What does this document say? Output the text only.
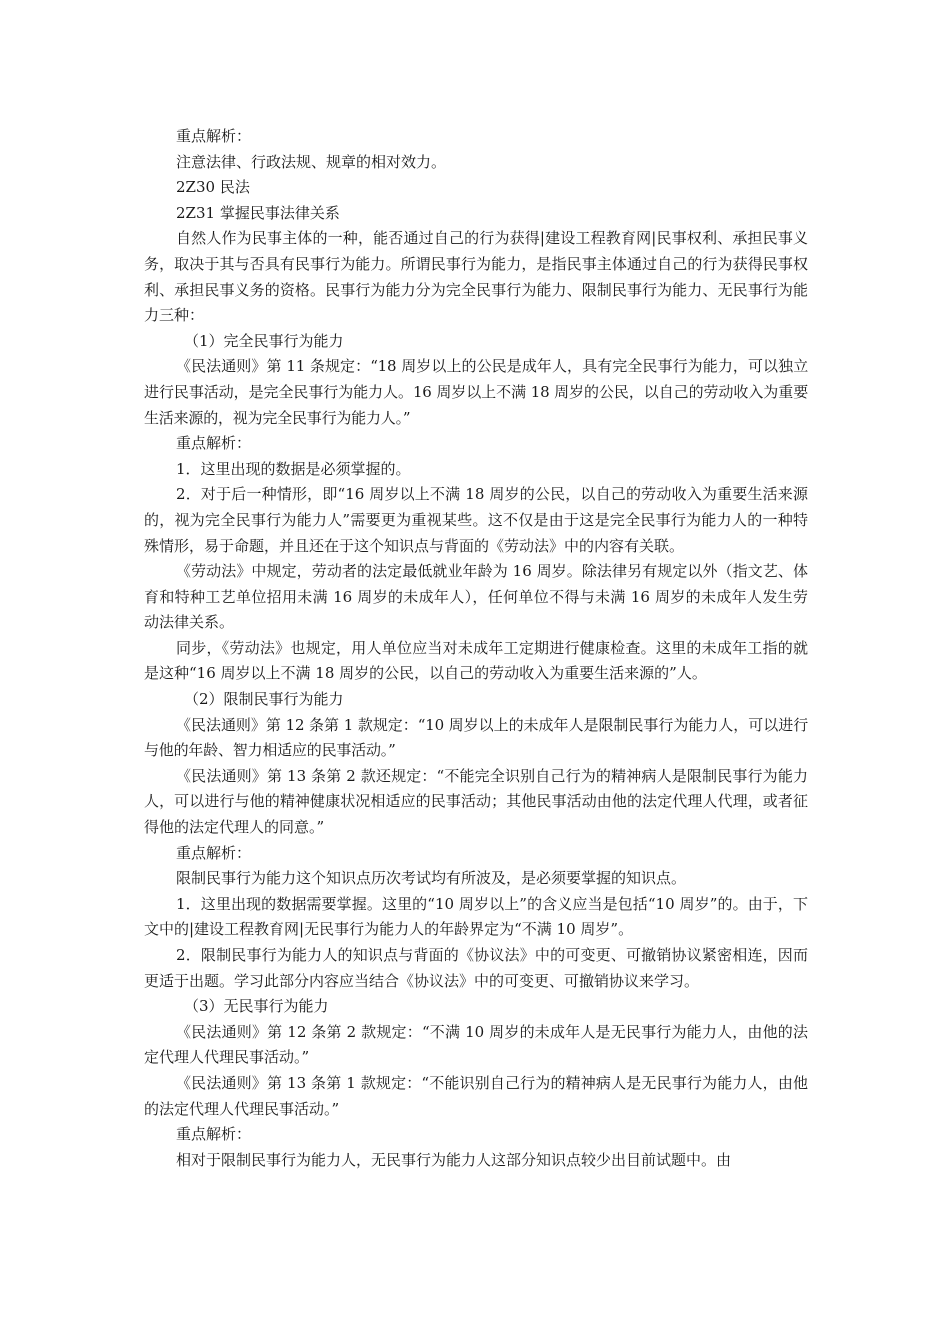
重点解析：

注意法律、行政法规、规章的相对效力。

2Z30 民法

2Z31 掌握民事法律关系

自然人作为民事主体的一种，能否通过自己的行为获得|建设工程教育网|民事权利、承担民事义务，取决于其与否具有民事行为能力。所谓民事行为能力，是指民事主体通过自己的行为获得民事权利、承担民事义务的资格。民事行为能力分为完全民事行为能力、限制民事行为能力、无民事行为能力三种：

（1）完全民事行为能力

《民法通则》第 11 条规定：“18 周岁以上的公民是成年人，具有完全民事行为能力，可以独立进行民事活动，是完全民事行为能力人。16 周岁以上不满 18 周岁的公民，以自己的劳动收入为重要生活来源的，视为完全民事行为能力人。”

重点解析：

1．这里出现的数据是必须掌握的。

2．对于后一种情形，即“16 周岁以上不满 18 周岁的公民，以自己的劳动收入为重要生活来源的，视为完全民事行为能力人”需要更为重视某些。这不仅是由于这是完全民事行为能力人的一种特殊情形，易于命题，并且还在于这个知识点与背面的《劳动法》中的内容有关联。

《劳动法》中规定，劳动者的法定最低就业年龄为 16 周岁。除法律另有规定以外（指文艺、体育和特种工艺单位招用未满 16 周岁的未成年人），任何单位不得与未满 16 周岁的未成年人发生劳动法律关系。

同步，《劳动法》也规定，用人单位应当对未成年工定期进行健康检查。这里的未成年工指的就是这种“16 周岁以上不满 18 周岁的公民，以自己的劳动收入为重要生活来源的”人。

（2）限制民事行为能力

《民法通则》第 12 条第 1 款规定：“10 周岁以上的未成年人是限制民事行为能力人，可以进行与他的年龄、智力相适应的民事活动。”

《民法通则》第 13 条第 2 款还规定：“不能完全识别自己行为的精神病人是限制民事行为能力人，可以进行与他的精神健康状况相适应的民事活动；其他民事活动由他的法定代理人代理，或者征得他的法定代理人的同意。”

重点解析：

限制民事行为能力这个知识点历次考试均有所波及，是必须要掌握的知识点。

1．这里出现的数据需要掌握。这里的“10 周岁以上”的含义应当是包括“10 周岁”的。由于，下文中的|建设工程教育网|无民事行为能力人的年龄界定为“不满 10 周岁”。

2．限制民事行为能力人的知识点与背面的《协议法》中的可变更、可撤销协议紧密相连，因而更适于出题。学习此部分内容应当结合《协议法》中的可变更、可撤销协议来学习。

（3）无民事行为能力

《民法通则》第 12 条第 2 款规定：“不满 10 周岁的未成年人是无民事行为能力人，由他的法定代理人代理民事活动。”

《民法通则》第 13 条第 1 款规定：“不能识别自己行为的精神病人是无民事行为能力人，由他的法定代理人代理民事活动。”

重点解析：

相对于限制民事行为能力人，无民事行为能力人这部分知识点较少出目前试题中。由
